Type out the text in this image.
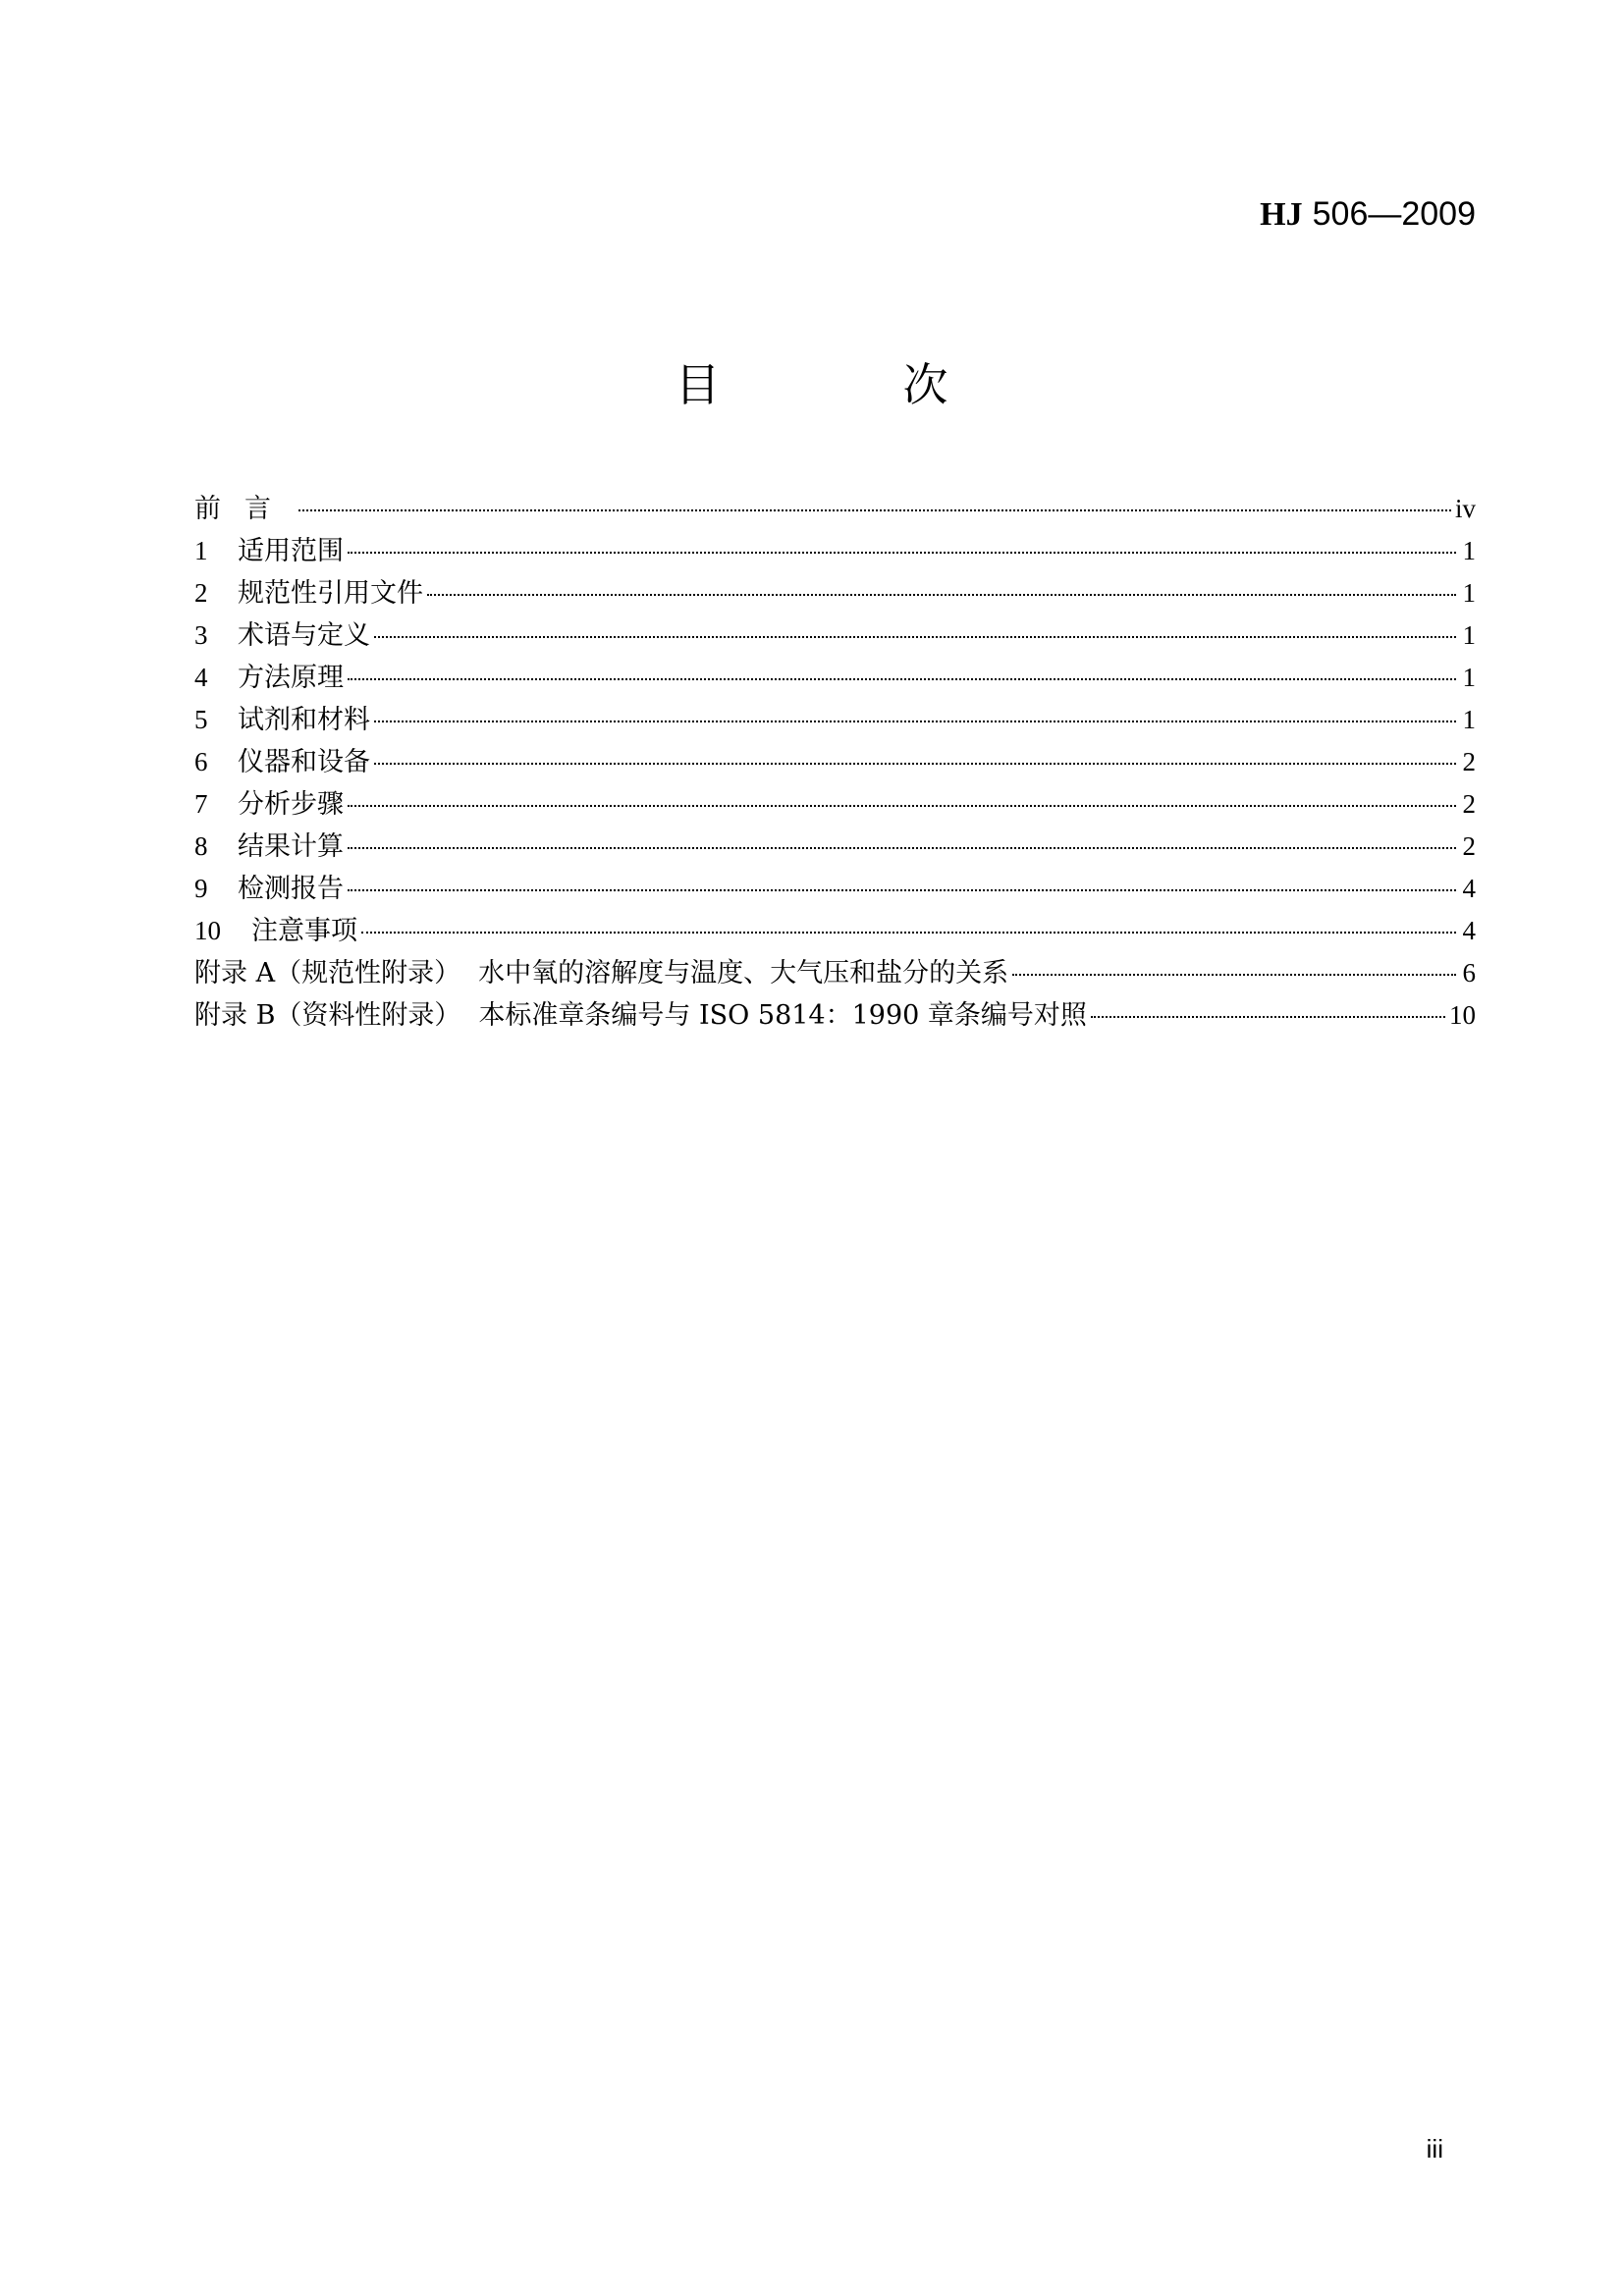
HJ 506—2009
目　次
前言	iv
1	适用范围	1
2	规范性引用文件	1
3	术语与定义	1
4	方法原理	1
5	试剂和材料	1
6	仪器和设备	2
7	分析步骤	2
8	结果计算	2
9	检测报告	4
10	注意事项	4
附录 A（规范性附录） 水中氧的溶解度与温度、大气压和盐分的关系	6
附录 B（资料性附录） 本标准章条编号与 ISO 5814：1990 章条编号对照	10
iii
